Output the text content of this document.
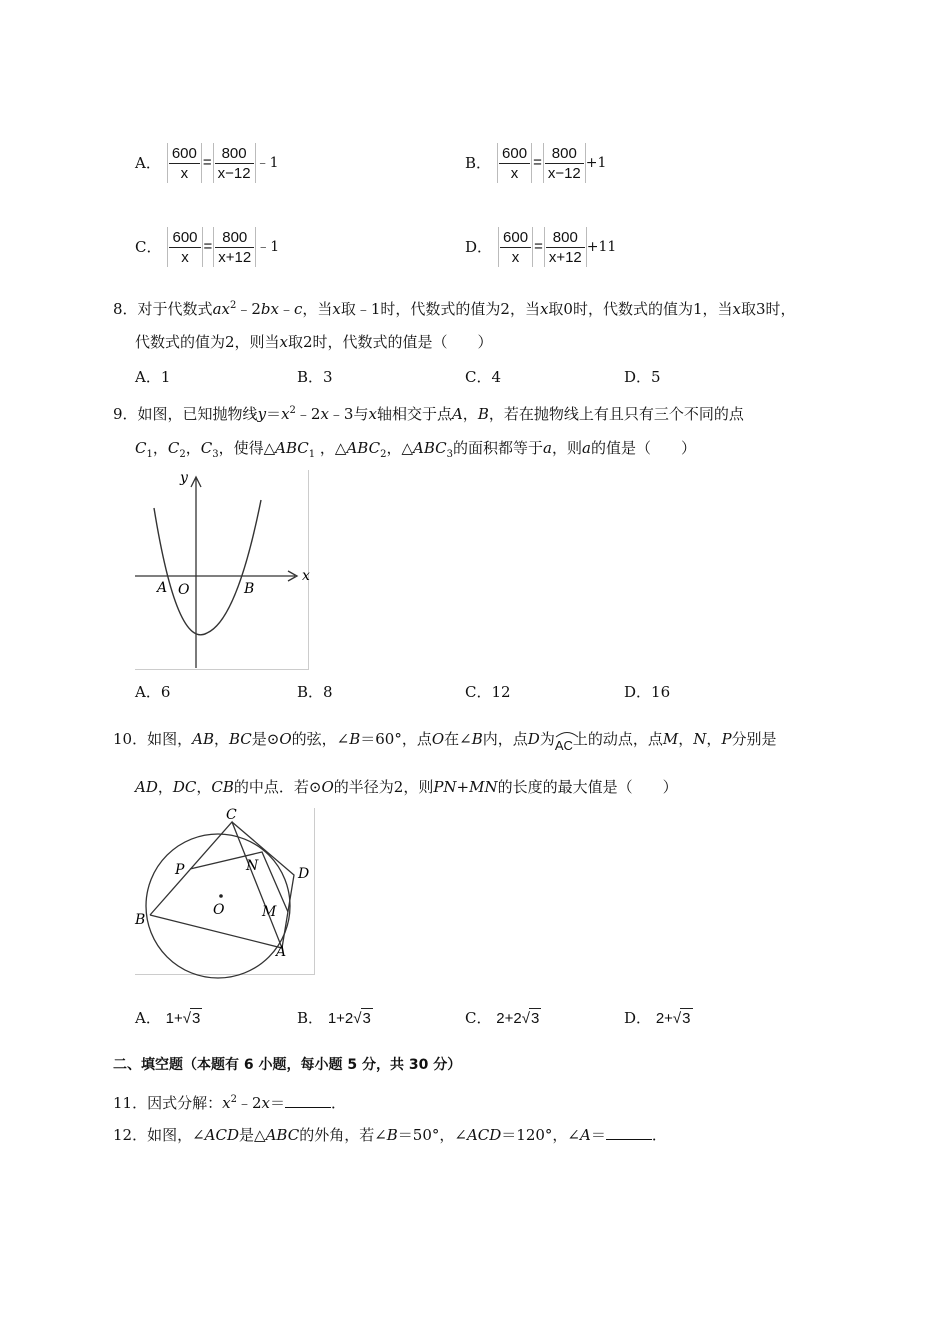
A． $\frac{600}{x} = \frac{800}{x-12}$ ﹣1	B． $\frac{600}{x} = \frac{800}{x-12} +1$
C． $\frac{600}{x} = \frac{800}{x+12}$ ﹣1	D． $\frac{600}{x} = \frac{800}{x+12} +11$
8．对于代数式$ax^2﹣2bx﹣c$，当x取﹣1时，代数式的值为2，当x取0时，代数式的值为1，当x取3时，
代数式的值为2，则当x取2时，代数式的值是（　　）
A．1	B．3	C．4	D．5
9．如图，已知抛物线$y=x^2﹣2x﹣3$与x轴相交于点A，B，若在抛物线上有且只有三个不同的点
$C_1$，$C_2$，$C_3$，使得$\triangle ABC_1$ ，$\triangle ABC_2$，$\triangle ABC_3$的面积都等于a，则a的值是（　　）
x
y
A O	B
A．6	B．8	C．12	D．16
10．如图，AB，BC是⊙O的弦，∠B＝60°，点O在∠B内，点D为
AC上的动点，点M，N，P分别是
AD，DC，CB的中点．若⊙O的半径为2，则PN+MN的长度的最大值是（　　）
C
P	N	D
O	M
B
A
A． 1+√3	B． 1+2√3	C． 2+2√3	D． 2+√3
二、填空题（本题有 6 小题，每小题 5 分，共 30 分）
11．因式分解：$x^2﹣2x=$	．
12．如图，∠ACD是△ABC的外角，若∠B＝50°，∠ACD＝120°，∠A＝	．
